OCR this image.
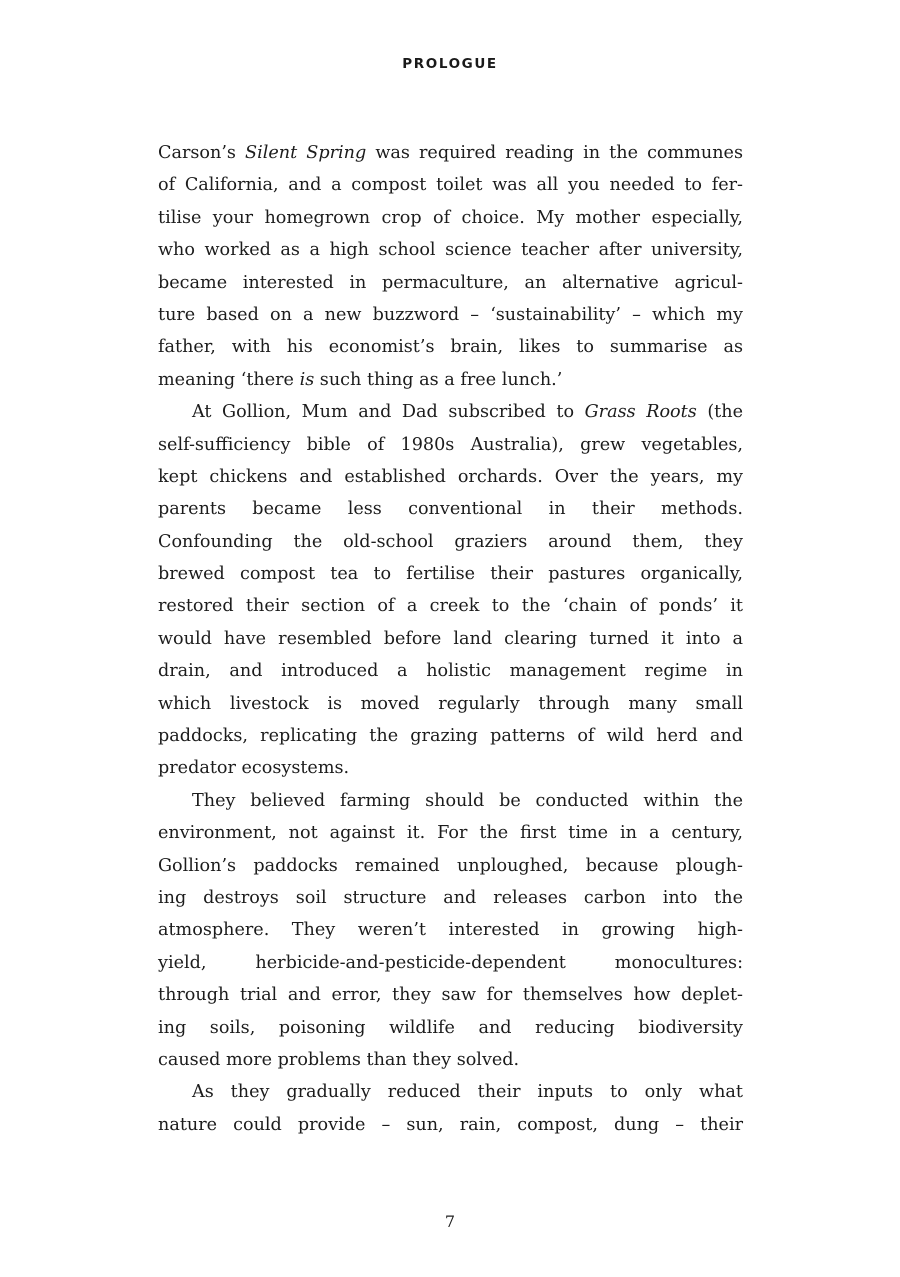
PROLOGUE
Carson’s Silent Spring was required reading in the communes
of California, and a compost toilet was all you needed to fer-
tilise your homegrown crop of choice. My mother especially,
who worked as a high school science teacher after university,
became interested in permaculture, an alternative agricul-
ture based on a new buzzword – ‘sustainability’ – which my
father, with his economist’s brain, likes to summarise as
meaning ‘there is such thing as a free lunch.’
At Gollion, Mum and Dad subscribed to Grass Roots (the
self-sufficiency bible of 1980s Australia), grew vegetables,
kept chickens and established orchards. Over the years, my
parents became less conventional in their methods.
Confounding the old-school graziers around them, they
brewed compost tea to fertilise their pastures organically,
restored their section of a creek to the ‘chain of ponds’ it
would have resembled before land clearing turned it into a
drain, and introduced a holistic management regime in
which livestock is moved regularly through many small
paddocks, replicating the grazing patterns of wild herd and
predator ecosystems.
They believed farming should be conducted within the
environment, not against it. For the first time in a century,
Gollion’s paddocks remained unploughed, because plough-
ing destroys soil structure and releases carbon into the
atmosphere. They weren’t interested in growing high-
yield, herbicide-and-pesticide-dependent monocultures:
through trial and error, they saw for themselves how deplet-
ing soils, poisoning wildlife and reducing biodiversity
caused more problems than they solved.
As they gradually reduced their inputs to only what
nature could provide – sun, rain, compost, dung – their
7
